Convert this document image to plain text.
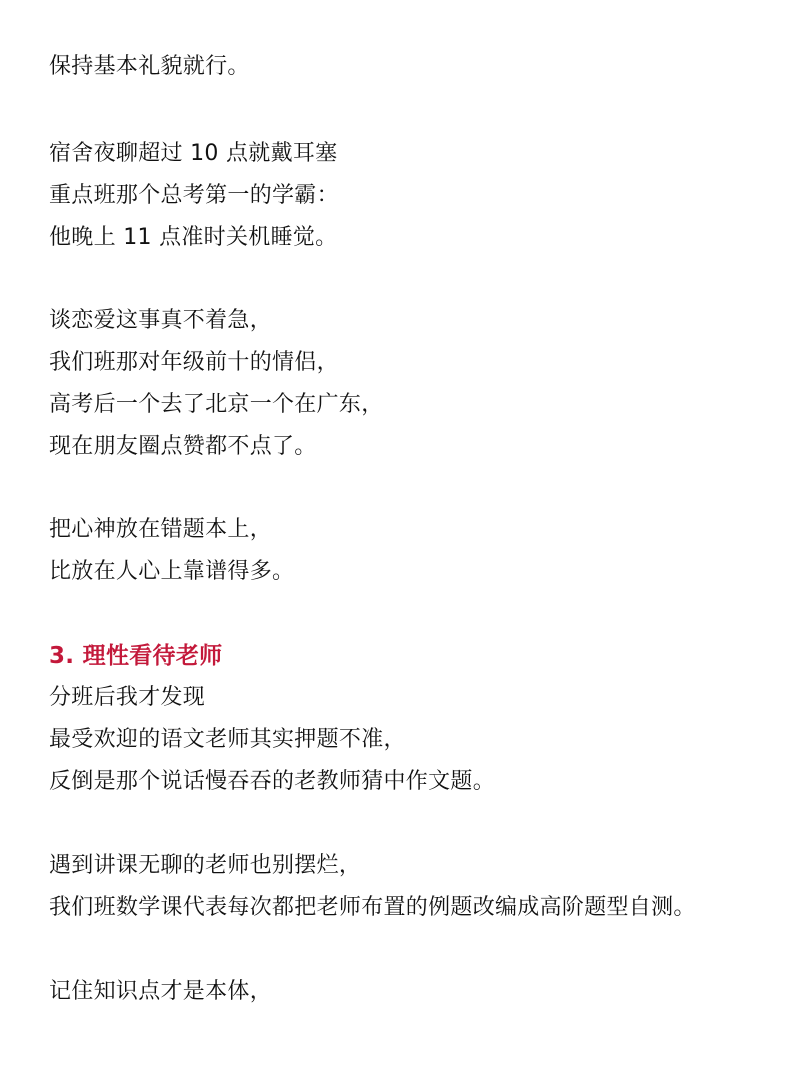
保持基本礼貌就行。
宿舍夜聊超过 10 点就戴耳塞
重点班那个总考第一的学霸：
他晚上 11 点准时关机睡觉。
谈恋爱这事真不着急，
我们班那对年级前十的情侣，
高考后一个去了北京一个在广东，
现在朋友圈点赞都不点了。
把心神放在错题本上，
比放在人心上靠谱得多。
3. 理性看待老师
分班后我才发现
最受欢迎的语文老师其实押题不准，
反倒是那个说话慢吞吞的老教师猜中作文题。
遇到讲课无聊的老师也别摆烂，
我们班数学课代表每次都把老师布置的例题改编成高阶题型自测。
记住知识点才是本体，
